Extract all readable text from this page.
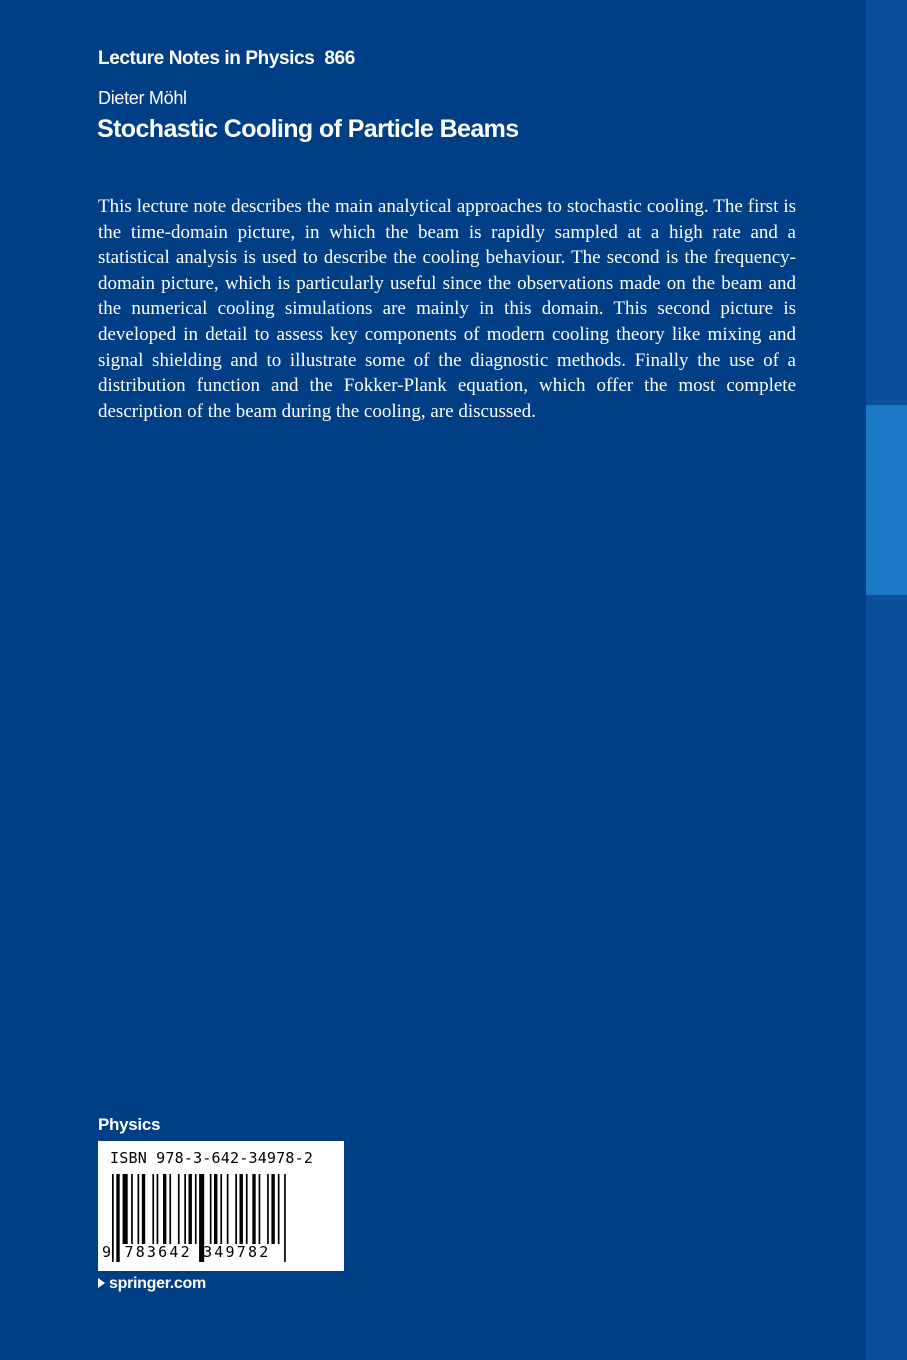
Lecture Notes in Physics 866
Dieter Möhl
Stochastic Cooling of Particle Beams

This lecture note describes the main analytical approaches to stochastic cooling. The first is the time-domain picture, in which the beam is rapidly sampled at a high rate and a statistical analysis is used to describe the cooling behaviour. The second is the frequency-domain picture, which is particularly useful since the observations made on the beam and the numerical cooling simulations are mainly in this domain. This second picture is developed in detail to assess key components of modern cooling theory like mixing and signal shielding and to illustrate some of the diagnostic methods. Finally the use of a distribution function and the Fokker-Plank equation, which offer the most complete description of the beam during the cooling, are discussed.

Physics
ISBN 978-3-642-34978-2
9 783642 349782
springer.com
